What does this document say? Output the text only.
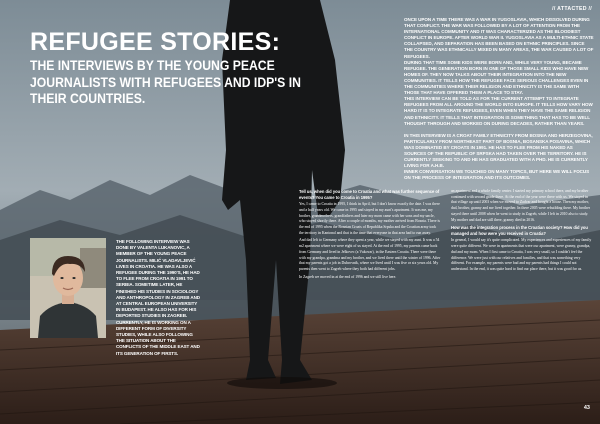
// ATTACTED //
REFUGEE STORIES:
THE INTERVIEWS BY THE YOUNG PEACE JOURNALISTS WITH REFUGEES AND IDP'S IN THEIR COUNTRIES.

ONCE UPON A TIME THERE WAS A WAR IN YUGOSLAVIA, WHICH DISSOLVED DURING THAT CONFLICT. THE WAR WAS FOLLOWED BY A LOT OF ATTENTION FROM THE INTERNATIONAL COMMUNITY AND IT WAS CHARACTERIZED AS THE BLOODIEST CONFLICT IN EUROPE. AFTER WORLD WAR II. YUGOSLAVIA AS A MULTI-ETHNIC STATE COLLAPSED, AND SEPARATION HAS BEEN BASED ON ETHNIC PRINCIPLES. SINCE THE COUNTRY WAS ETHNICALLY MIXED IN MANY AREAS, THE WAR CAUSED A LOT OF REFUGEES.

DURING THAT TIME SOME KIDS WERE BORN AND, WHILE VERY YOUNG, BECAME REFUGEE. THE GENERATION BORN IN ONE OF THOSE SMALL KIDS WHO HAVE NEW HOMES OF. THEY NOW TALKS ABOUT THEIR INTEGRATION INTO THE NEW COMMUNITIES. IT TELLS HOW THE REFUGEE FACE SERIOUS CHALLENGES EVEN IN THE COMMUNITIES WHERE THEIR RELIGION AND ETHNICITY IS THE SAME WITH THOSE THAT HAVE OFFERED THEM A PLACE TO STAY.

THIS INTERVIEW CAN BE TOLD AS FOR THE CURRENT ATTEMPT TO INTEGRATE REFUGEES FROM ALL AROUND THE WORLD INTO EUROPE. IT TELLS HOW VARY HOW HARD IT IS TO INTEGRATE REFUGEES, EVEN WHEN THEY HAVE THE SAME RELIGION AND ETHNICITY. IT TELLS THAT INTEGRATION IS SOMETHING THAT HAS TO BE WELL THOUGHT THROUGH AND WORKED ON DURING DECADES, RATHER THAN YEARS.

IN THIS INTERVIEW IS A CROAT FAMILY ETHNICITY FROM BOSNIA AND HERZEGOVINA, PARTICULARLY FROM NORTHEAST PART OF BOSNIA, BOSANSKA POSAVINA, WHICH WAS DOMINATED BY CROATS IN 1991. HE HAS TO FLEE FROM HIS NAKED AS SOURCES OF THE REPUBLIC OF SRPSKA HAD TAKEN OVER THE TERRITORY. HE IS CURRENTLY SEEKING TO AND HE HAS GRADUATED WITH A PHD. HE IS CURRENTLY LIVING FOR A.H.B.

INNER CONVERSATION WE TOUCHED ON MANY TOPICS, BUT HERE WE WILL FOCUS ON THE PROCESS OF INTEGRATION AND ITS OUTCOMES.

THE FOLLOWING INTERVIEW WAS DONE BY VALENTA LUKANOVIC, A MEMBER OF THE YOUNG PEACE JOURNALISTS. MILIĆ VLADAVLJEVIĆ LIVES IN CROATIA. HE WAS ALSO A REFUGEE DURING THE 1990'S, HE HAD TO FLEE FROM CROATIA IN 1991 TO SERBIA. SOMETIME LATER, HE FINISHED HIS STUDIES IN SOCIOLOGY AND ANTHROPOLOGY IN ZAGREB AND AT CENTRAL EUROPEAN UNIVERSITY IN BUDAPEST. HE ALSO HAS FOR HIS DEPORTED STUDIES IN ZAGREB. CURRENTLY, HE IS WORKING ON A DIFFERENT FORM OF DIVERSITY STUDIES, WHILE ALSO FOLLOWING THE SITUATION ABOUT THE CONFLICTS OF THE MIDDLE EAST AND ITS GENERATION OF FIRSTS.

Tell us, when did you come to Croatia and what was further sequence of events? You came to Croatia in 1995?

Yes, I came to Croatia in 1995, I think in April, but I don't know exactly the date. I was there and a half years old. We came in 1995 and stayed in my aunt's apartment. It was me, my brother, grandmothers, grandfathers and later my mom came with her sons and my uncle, who stayed shortly there. After a couple of months, my mother arrived from Bosnia. There is the end of 1995 when the Bosnian Croats of Republika Srpska and the Croatian army took the territory in Kantonal and that is the time that everyone in that area had to run away.

And dad left to Germany where they spent a year, while we stayed with my aunt. It was a 54 m2 apartment where we were eight of us stayed. At the end of 1995, my parents came back from Germany and lived in Jelkovec (a Vukovar), in the Eastern Croatia. There were there with my grandpa, grandma and my brother, and we lived there until the winter of 1996. After that my parents got a job in Dubrovnik, where we lived until I was five or six years old. My parents then went to Zagreb where they both had different jobs.

In Zagreb we moved in at the end of 1996 and we still live here.

an apartment and a whole family center. I started my primary school there, and my brother continued with second grade there. At the end of the year were there with us. We stayed in that village up until 2003 when we moved to Zadvar and bought a house. Then my mother, dad, brother, granny and me lived together. In there 2005 were rebuilding there. My brother stayed there until 2008 when he went to study in Zagreb, while I left in 2010 also to study. My mother and dad are still there, granny died in 2016.

How was the integration process in the Croatian society? How did you managed and how were you received in Croatia?

In general, I would say it's quite complicated. My experiences and experiences of my family were quite different. We were in apartments that were our apartment, were granny, grandpa, dad and my mom. When I first came to Croatia, I was very small, so I couldn't feel the difference. We were just with our relatives and families, and that was something very different. For example, my parents were bad and my parents had things I could not understand. In the end, it was quite hard to find our place there, but it was good for us.

43
